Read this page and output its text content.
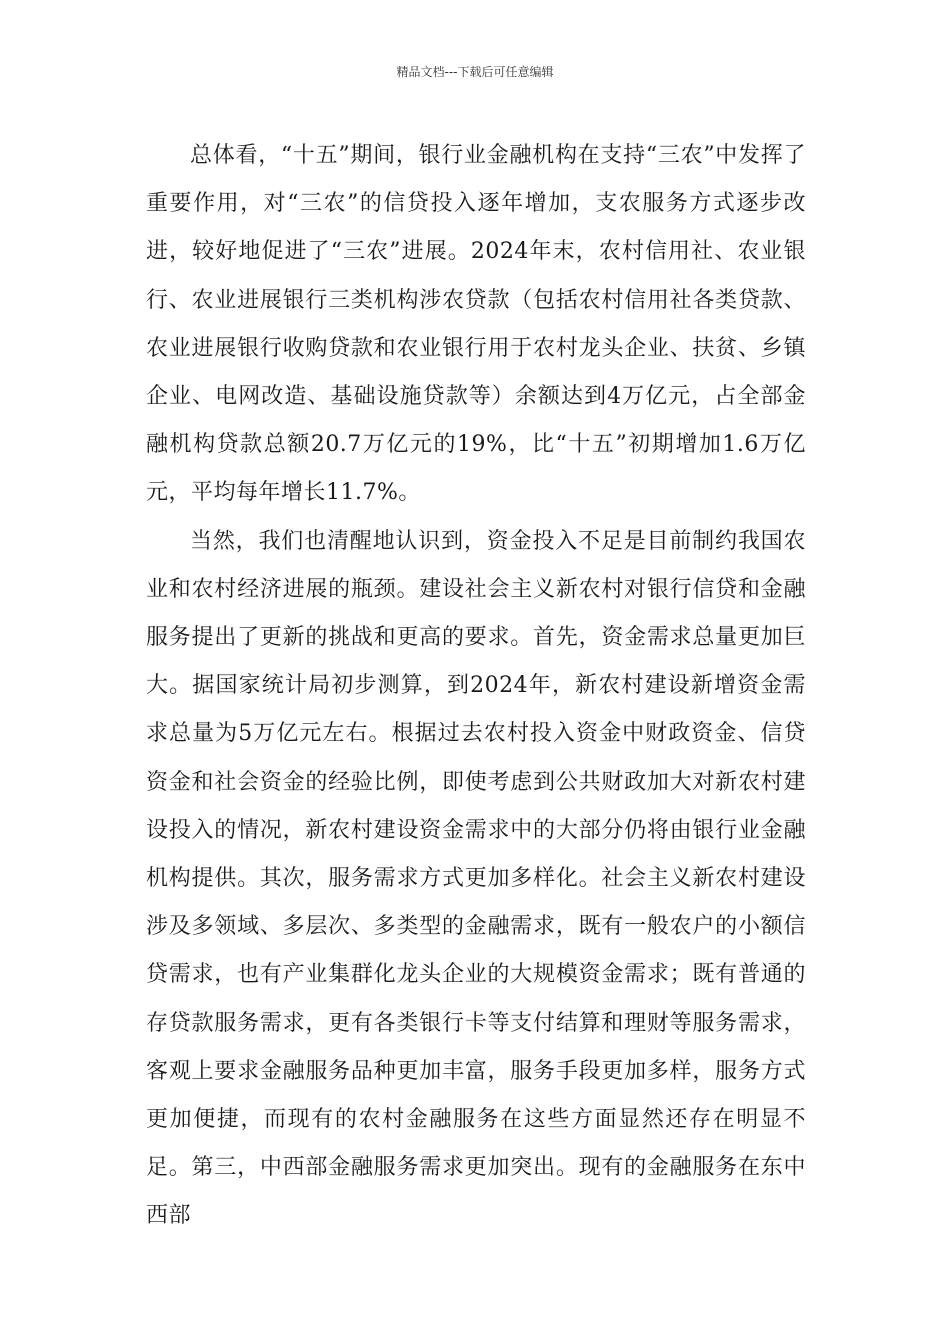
精品文档---下载后可任意编辑

总体看，“十五”期间，银行业金融机构在支持“三农”中发挥了重要作用，对“三农”的信贷投入逐年增加，支农服务方式逐步改进，较好地促进了“三农”进展。2024年末，农村信用社、农业银行、农业进展银行三类机构涉农贷款（包括农村信用社各类贷款、农业进展银行收购贷款和农业银行用于农村龙头企业、扶贫、乡镇企业、电网改造、基础设施贷款等）余额达到4万亿元，占全部金融机构贷款总额20.7万亿元的19%，比“十五”初期增加1.6万亿元，平均每年增长11.7%。

当然，我们也清醒地认识到，资金投入不足是目前制约我国农业和农村经济进展的瓶颈。建设社会主义新农村对银行信贷和金融服务提出了更新的挑战和更高的要求。首先，资金需求总量更加巨大。据国家统计局初步测算，到2024年，新农村建设新增资金需求总量为5万亿元左右。根据过去农村投入资金中财政资金、信贷资金和社会资金的经验比例，即使考虑到公共财政加大对新农村建设投入的情况，新农村建设资金需求中的大部分仍将由银行业金融机构提供。其次，服务需求方式更加多样化。社会主义新农村建设涉及多领域、多层次、多类型的金融需求，既有一般农户的小额信贷需求，也有产业集群化龙头企业的大规模资金需求；既有普通的存贷款服务需求，更有各类银行卡等支付结算和理财等服务需求，客观上要求金融服务品种更加丰富，服务手段更加多样，服务方式更加便捷，而现有的农村金融服务在这些方面显然还存在明显不足。第三，中西部金融服务需求更加突出。现有的金融服务在东中西部
